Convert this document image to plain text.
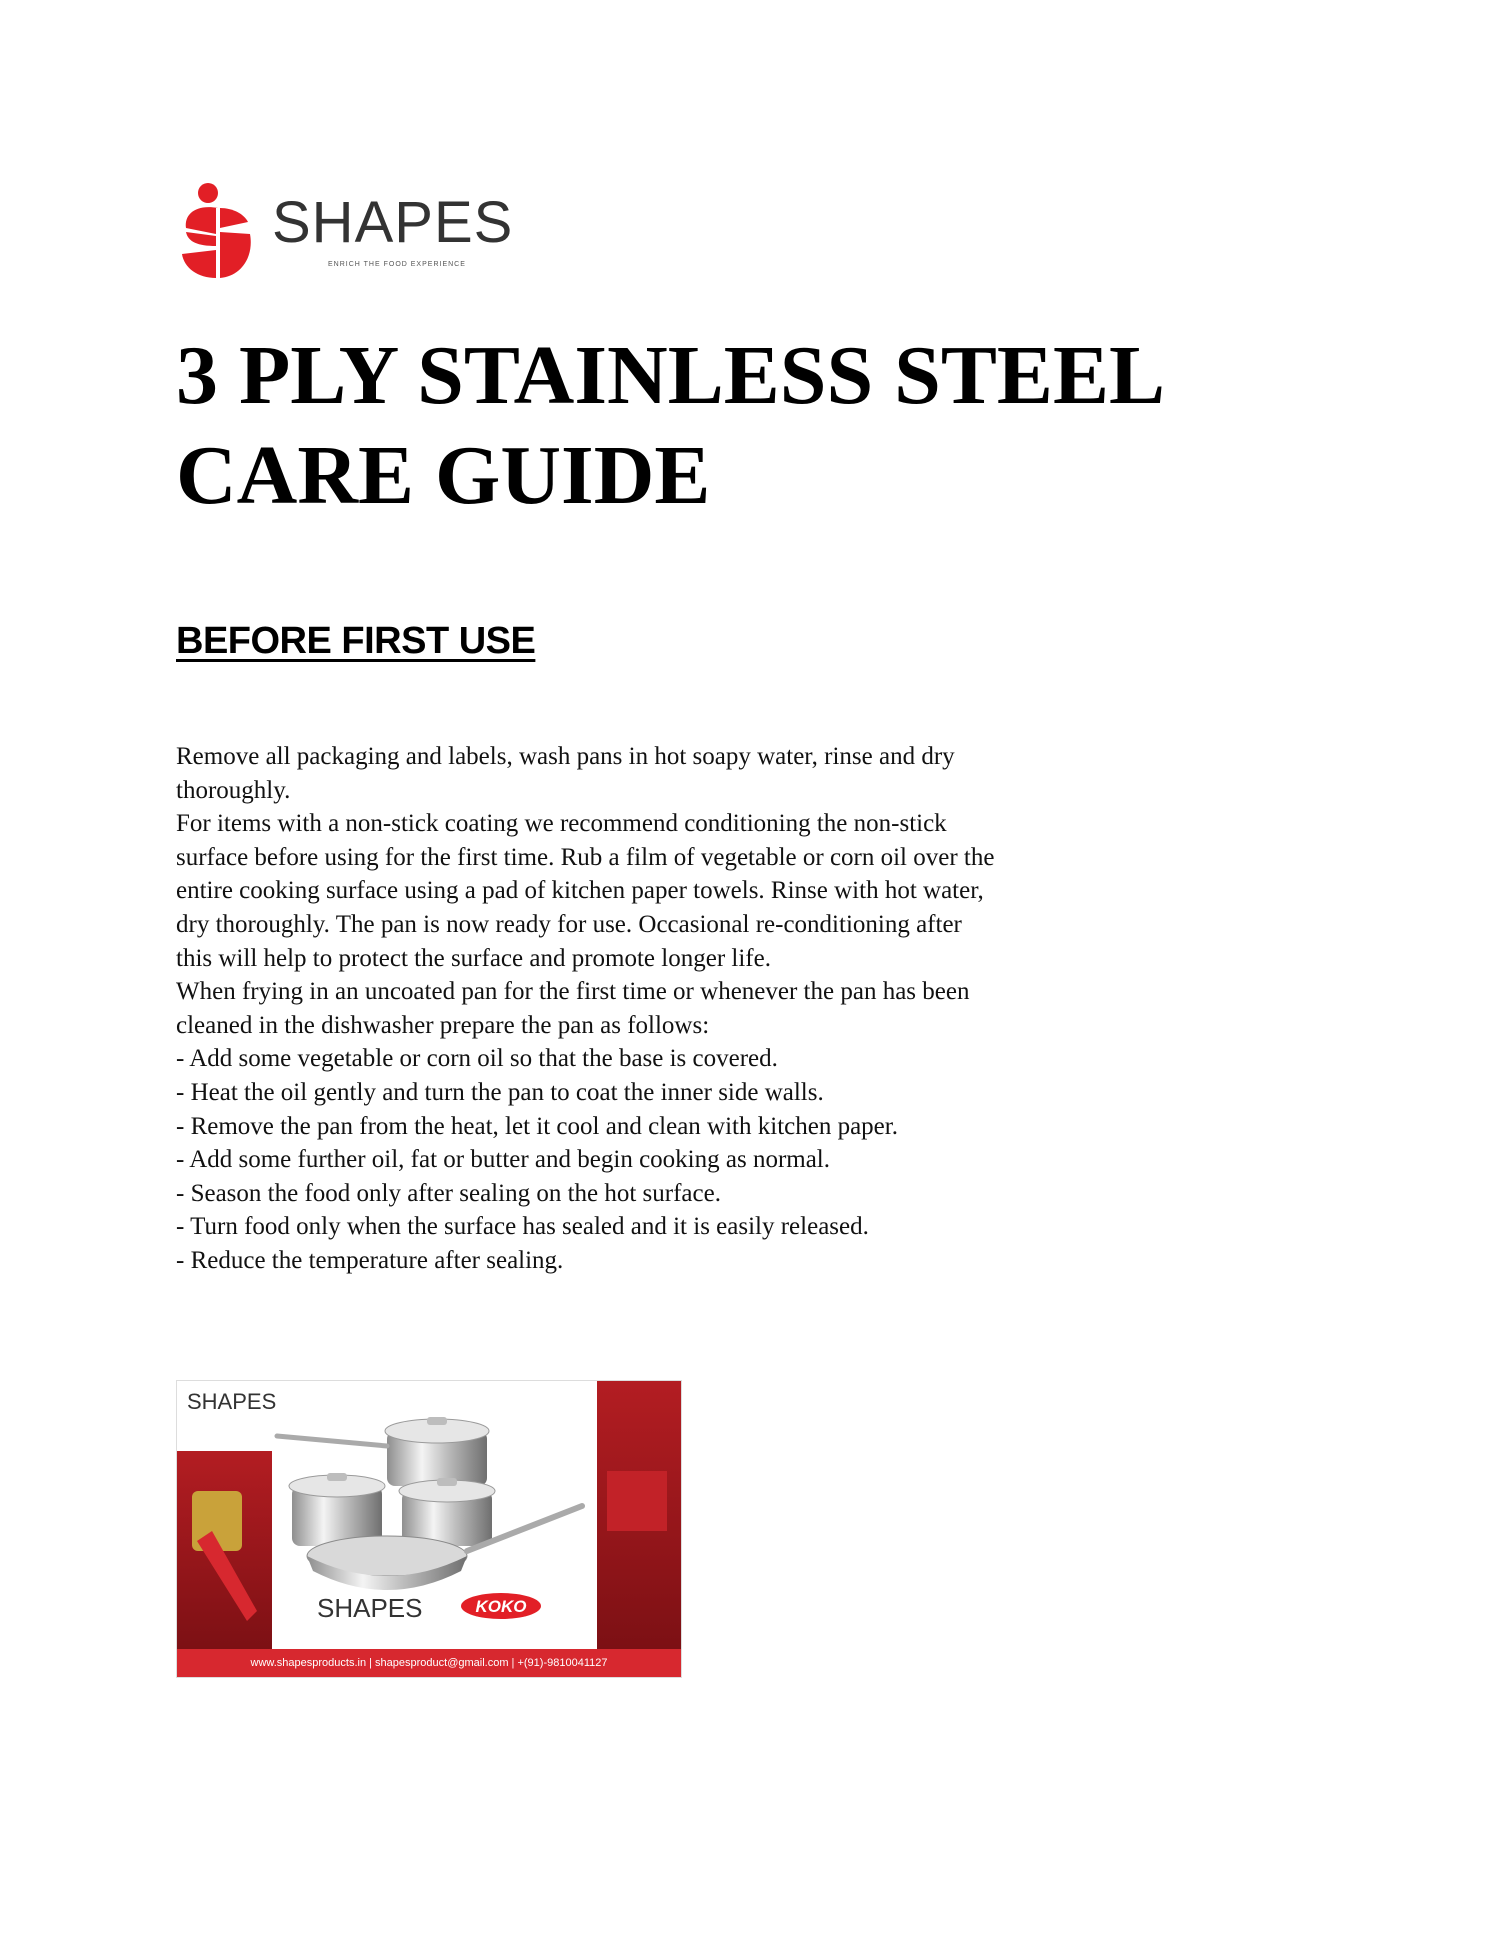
SHAPES
ENRICH THE FOOD EXPERIENCE
3 PLY STAINLESS STEEL
CARE GUIDE
BEFORE FIRST USE
Remove all packaging and labels, wash pans in hot soapy water, rinse and dry
thoroughly.
For items with a non-stick coating we recommend conditioning the non-stick
surface before using for the first time. Rub a film of vegetable or corn oil over the
entire cooking surface using a pad of kitchen paper towels. Rinse with hot water,
dry thoroughly. The pan is now ready for use. Occasional re-conditioning after
this will help to protect the surface and promote longer life.
When frying in an uncoated pan for the first time or whenever the pan has been
cleaned in the dishwasher prepare the pan as follows:
- Add some vegetable or corn oil so that the base is covered.
- Heat the oil gently and turn the pan to coat the inner side walls.
- Remove the pan from the heat, let it cool and clean with kitchen paper.
- Add some further oil, fat or butter and begin cooking as normal.
- Season the food only after sealing on the hot surface.
- Turn food only when the surface has sealed and it is easily released.
- Reduce the temperature after sealing.
SHAPES
SHAPES	KOKO
www.shapesproducts.in | shapesproduct@gmail.com | +(91)-9810041127
